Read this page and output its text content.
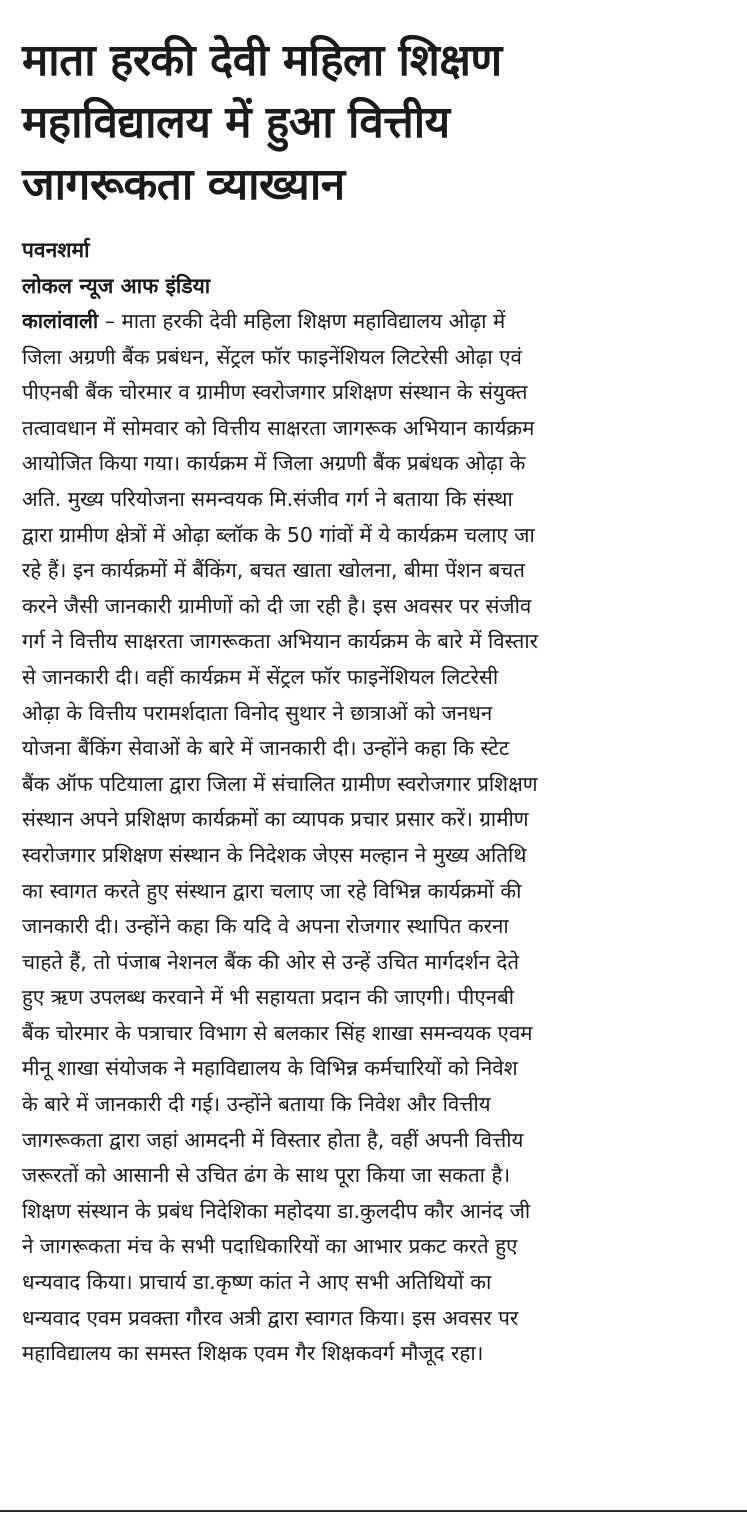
माता हरकी देवी महिला शिक्षण
महाविद्यालय में हुआ वित्तीय
जागरूकता व्याख्यान
पवनशर्मा
लोकल न्यूज आफ इंडिया
कालांवाली – माता हरकी देवी महिला शिक्षण महाविद्यालय ओढ़ा में
जिला अग्रणी बैंक प्रबंधन, सेंट्रल फॉर फाइनेंशियल लिटरेसी ओढ़ा एवं
पीएनबी बैंक चोरमार व ग्रामीण स्वरोजगार प्रशिक्षण संस्थान के संयुक्त
तत्वावधान में सोमवार को वित्तीय साक्षरता जागरूक अभियान कार्यक्रम
आयोजित किया गया। कार्यक्रम में जिला अग्रणी बैंक प्रबंधक ओढ़ा के
अति. मुख्य परियोजना समन्वयक मि.संजीव गर्ग ने बताया कि संस्था
द्वारा ग्रामीण क्षेत्रों में ओढ़ा ब्लॉक के 50 गांवों में ये कार्यक्रम चलाए जा
रहे हैं। इन कार्यक्रमों में बैंकिंग, बचत खाता खोलना, बीमा पेंशन बचत
करने जैसी जानकारी ग्रामीणों को दी जा रही है। इस अवसर पर संजीव
गर्ग ने वित्तीय साक्षरता जागरूकता अभियान कार्यक्रम के बारे में विस्तार
से जानकारी दी। वहीं कार्यक्रम में सेंट्रल फॉर फाइनेंशियल लिटरेसी
ओढ़ा के वित्तीय परामर्शदाता विनोद सुथार ने छात्राओं को जनधन
योजना बैंकिंग सेवाओं के बारे में जानकारी दी। उन्होंने कहा कि स्टेट
बैंक ऑफ पटियाला द्वारा जिला में संचालित ग्रामीण स्वरोजगार प्रशिक्षण
संस्थान अपने प्रशिक्षण कार्यक्रमों का व्यापक प्रचार प्रसार करें। ग्रामीण
स्वरोजगार प्रशिक्षण संस्थान के निदेशक जेएस मल्हान ने मुख्य अतिथि
का स्वागत करते हुए संस्थान द्वारा चलाए जा रहे विभिन्न कार्यक्रमों की
जानकारी दी। उन्होंने कहा कि यदि वे अपना रोजगार स्थापित करना
चाहते हैं, तो पंजाब नेशनल बैंक की ओर से उन्हें उचित मार्गदर्शन देते
हुए ऋण उपलब्ध करवाने में भी सहायता प्रदान की जाएगी। पीएनबी
बैंक चोरमार के पत्राचार विभाग से बलकार सिंह शाखा समन्वयक एवम
मीनू शाखा संयोजक ने महाविद्यालय के विभिन्न कर्मचारियों को निवेश
के बारे में जानकारी दी गई। उन्होंने बताया कि निवेश और वित्तीय
जागरूकता द्वारा जहां आमदनी में विस्तार होता है, वहीं अपनी वित्तीय
जरूरतों को आसानी से उचित ढंग के साथ पूरा किया जा सकता है।
शिक्षण संस्थान के प्रबंध निदेशिका महोदया डा.कुलदीप कौर आनंद जी
ने जागरूकता मंच के सभी पदाधिकारियों का आभार प्रकट करते हुए
धन्यवाद किया। प्राचार्य डा.कृष्ण कांत ने आए सभी अतिथियों का
धन्यवाद एवम प्रवक्ता गौरव अत्री द्वारा स्वागत किया। इस अवसर पर
महाविद्यालय का समस्त शिक्षक एवम गैर शिक्षकवर्ग मौजूद रहा।
